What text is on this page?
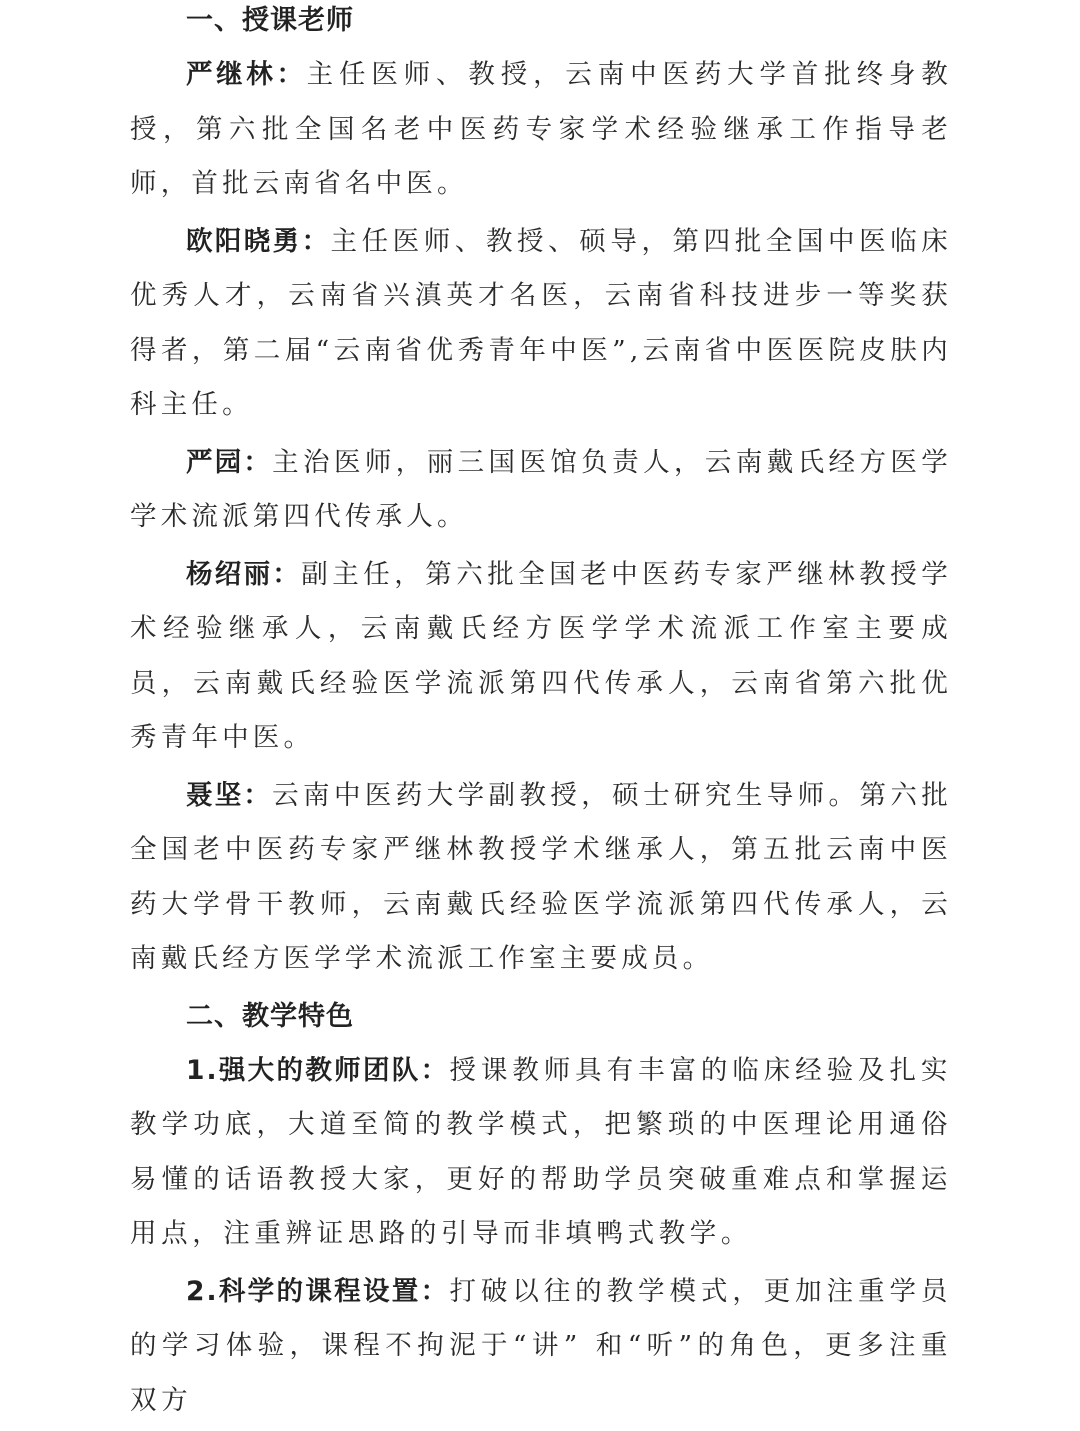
一、授课老师

严继林：主任医师、教授，云南中医药大学首批终身教授，第六批全国名老中医药专家学术经验继承工作指导老师，首批云南省名中医。

欧阳晓勇：主任医师、教授、硕导，第四批全国中医临床优秀人才，云南省兴滇英才名医，云南省科技进步一等奖获得者，第二届“云南省优秀青年中医”,云南省中医医院皮肤内科主任。

严园：主治医师，丽三国医馆负责人，云南戴氏经方医学学术流派第四代传承人。

杨绍丽：副主任，第六批全国老中医药专家严继林教授学术经验继承人，云南戴氏经方医学学术流派工作室主要成员，云南戴氏经验医学流派第四代传承人，云南省第六批优秀青年中医。

聂坚：云南中医药大学副教授，硕士研究生导师。第六批全国老中医药专家严继林教授学术继承人，第五批云南中医药大学骨干教师，云南戴氏经验医学流派第四代传承人，云南戴氏经方医学学术流派工作室主要成员。

二、教学特色

1.强大的教师团队：授课教师具有丰富的临床经验及扎实教学功底，大道至简的教学模式，把繁琐的中医理论用通俗易懂的话语教授大家，更好的帮助学员突破重难点和掌握运用点，注重辨证思路的引导而非填鸭式教学。

2.科学的课程设置：打破以往的教学模式，更加注重学员的学习体验，课程不拘泥于“讲” 和“听”的角色，更多注重双方
